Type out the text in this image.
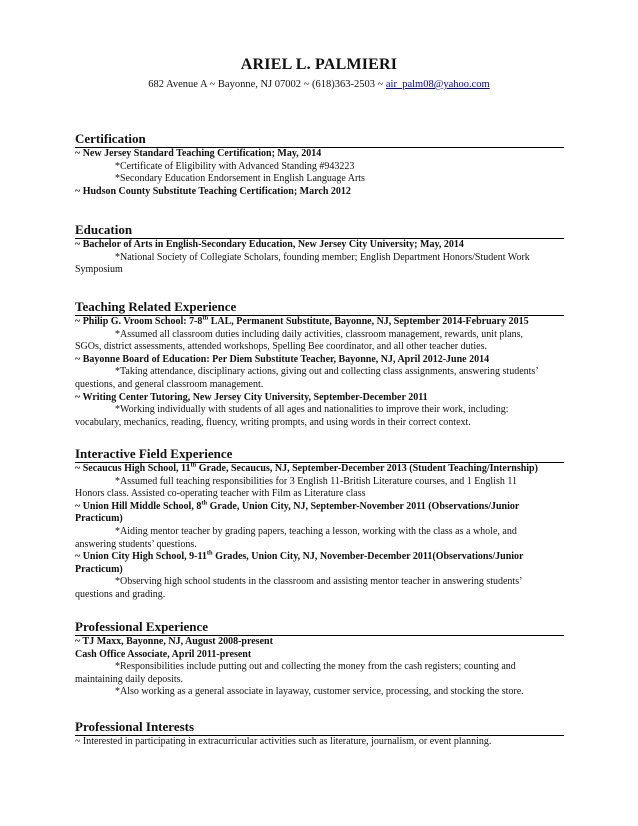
ARIEL L. PALMIERI
682 Avenue A ~ Bayonne, NJ 07002 ~ (618)363-2503 ~ air_palm08@yahoo.com
Certification
~ New Jersey Standard Teaching Certification; May, 2014
*Certificate of Eligibility with Advanced Standing #943223
*Secondary Education Endorsement in English Language Arts
~ Hudson County Substitute Teaching Certification; March 2012
Education
~ Bachelor of Arts in English-Secondary Education, New Jersey City University; May, 2014
*National Society of Collegiate Scholars, founding member; English Department Honors/Student Work
Symposium
Teaching Related Experience
~ Philip G. Vroom School: 7-8th LAL, Permanent Substitute, Bayonne, NJ, September 2014-February 2015
*Assumed all classroom duties including daily activities, classroom management, rewards, unit plans,
SGOs, district assessments, attended workshops, Spelling Bee coordinator, and all other teacher duties.
~ Bayonne Board of Education: Per Diem Substitute Teacher, Bayonne, NJ, April 2012-June 2014
*Taking attendance, disciplinary actions, giving out and collecting class assignments, answering students’
questions, and general classroom management.
~ Writing Center Tutoring, New Jersey City University, September-December 2011
*Working individually with students of all ages and nationalities to improve their work, including:
vocabulary, mechanics, reading, fluency, writing prompts, and using words in their correct context.
Interactive Field Experience
~ Secaucus High School, 11th Grade, Secaucus, NJ, September-December 2013 (Student Teaching/Internship)
*Assumed full teaching responsibilities for 3 English 11-British Literature courses, and 1 English 11
Honors class. Assisted co-operating teacher with Film as Literature class
~ Union Hill Middle School, 8th Grade, Union City, NJ, September-November 2011 (Observations/Junior
Practicum)
*Aiding mentor teacher by grading papers, teaching a lesson, working with the class as a whole, and
answering students’ questions.
~ Union City High School, 9-11th Grades, Union City, NJ, November-December 2011(Observations/Junior
Practicum)
*Observing high school students in the classroom and assisting mentor teacher in answering students’
questions and grading.
Professional Experience
~ TJ Maxx, Bayonne, NJ, August 2008-present
Cash Office Associate, April 2011-present
*Responsibilities include putting out and collecting the money from the cash registers; counting and
maintaining daily deposits.
*Also working as a general associate in layaway, customer service, processing, and stocking the store.
Professional Interests
~ Interested in participating in extracurricular activities such as literature, journalism, or event planning.
